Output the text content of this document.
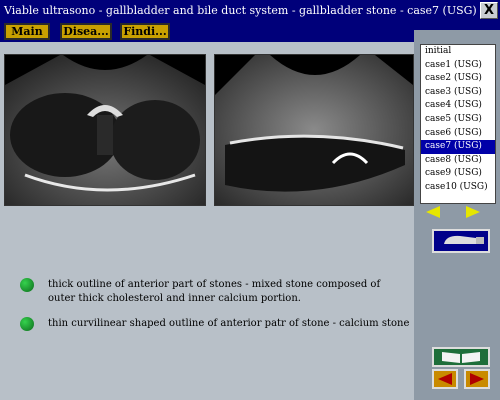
Viable ultrasono - gallbladder and bile duct system - gallbladder stone - case7 (USG) X
Main	Disea...	Findi...
initial
case1 (USG)
case2 (USG)
case3 (USG)
case4 (USG)
case5 (USG)
case6 (USG)
case7 (USG)
case8 (USG)
case9 (USG)
case10 (USG)
thick outline of anterior part of stones - mixed stone composed of outer thick cholesterol and inner calcium portion.
thin curvilinear shaped outline of anterior patr of stone - calcium stone
